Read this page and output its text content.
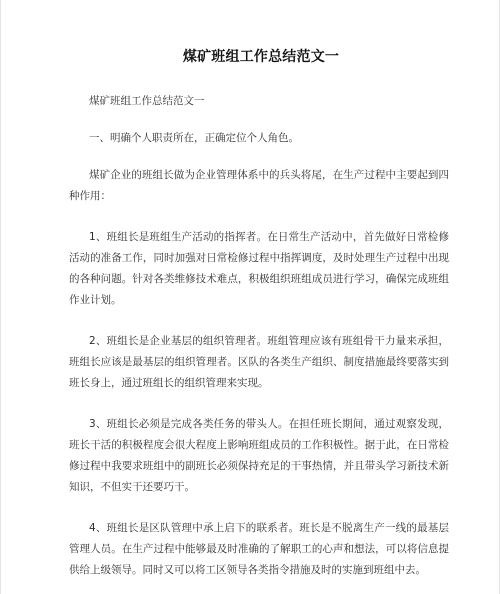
煤矿班组工作总结范文一

煤矿班组工作总结范文一

一、明确个人职责所在，正确定位个人角色。

煤矿企业的班组长做为企业管理体系中的兵头将尾，在生产过程中主要起到四种作用：

1、班组长是班组生产活动的指挥者。在日常生产活动中，首先做好日常检修活动的准备工作，同时加强对日常检修过程中指挥调度，及时处理生产过程中出现的各种问题。针对各类维修技术难点，积极组织班组成员进行学习，确保完成班组作业计划。

2、班组长是企业基层的组织管理者。班组管理应该有班组骨干力量来承担，班组长应该是最基层的组织管理者。区队的各类生产组织、制度措施最终要落实到班长身上，通过班组长的组织管理来实现。

3、班组长必须是完成各类任务的带头人。在担任班长期间，通过观察发现，班长干活的积极程度会很大程度上影响班组成员的工作积极性。据于此，在日常检修过程中我要求班组中的副班长必须保持充足的干事热情，并且带头学习新技术新知识，不但实干还要巧干。

4、班组长是区队管理中承上启下的联系者。班长是不脱离生产一线的最基层管理人员。在生产过程中能够最及时准确的了解职工的心声和想法，可以将信息提供给上级领导。同时又可以将工区领导各类指令措施及时的实施到班组中去。
